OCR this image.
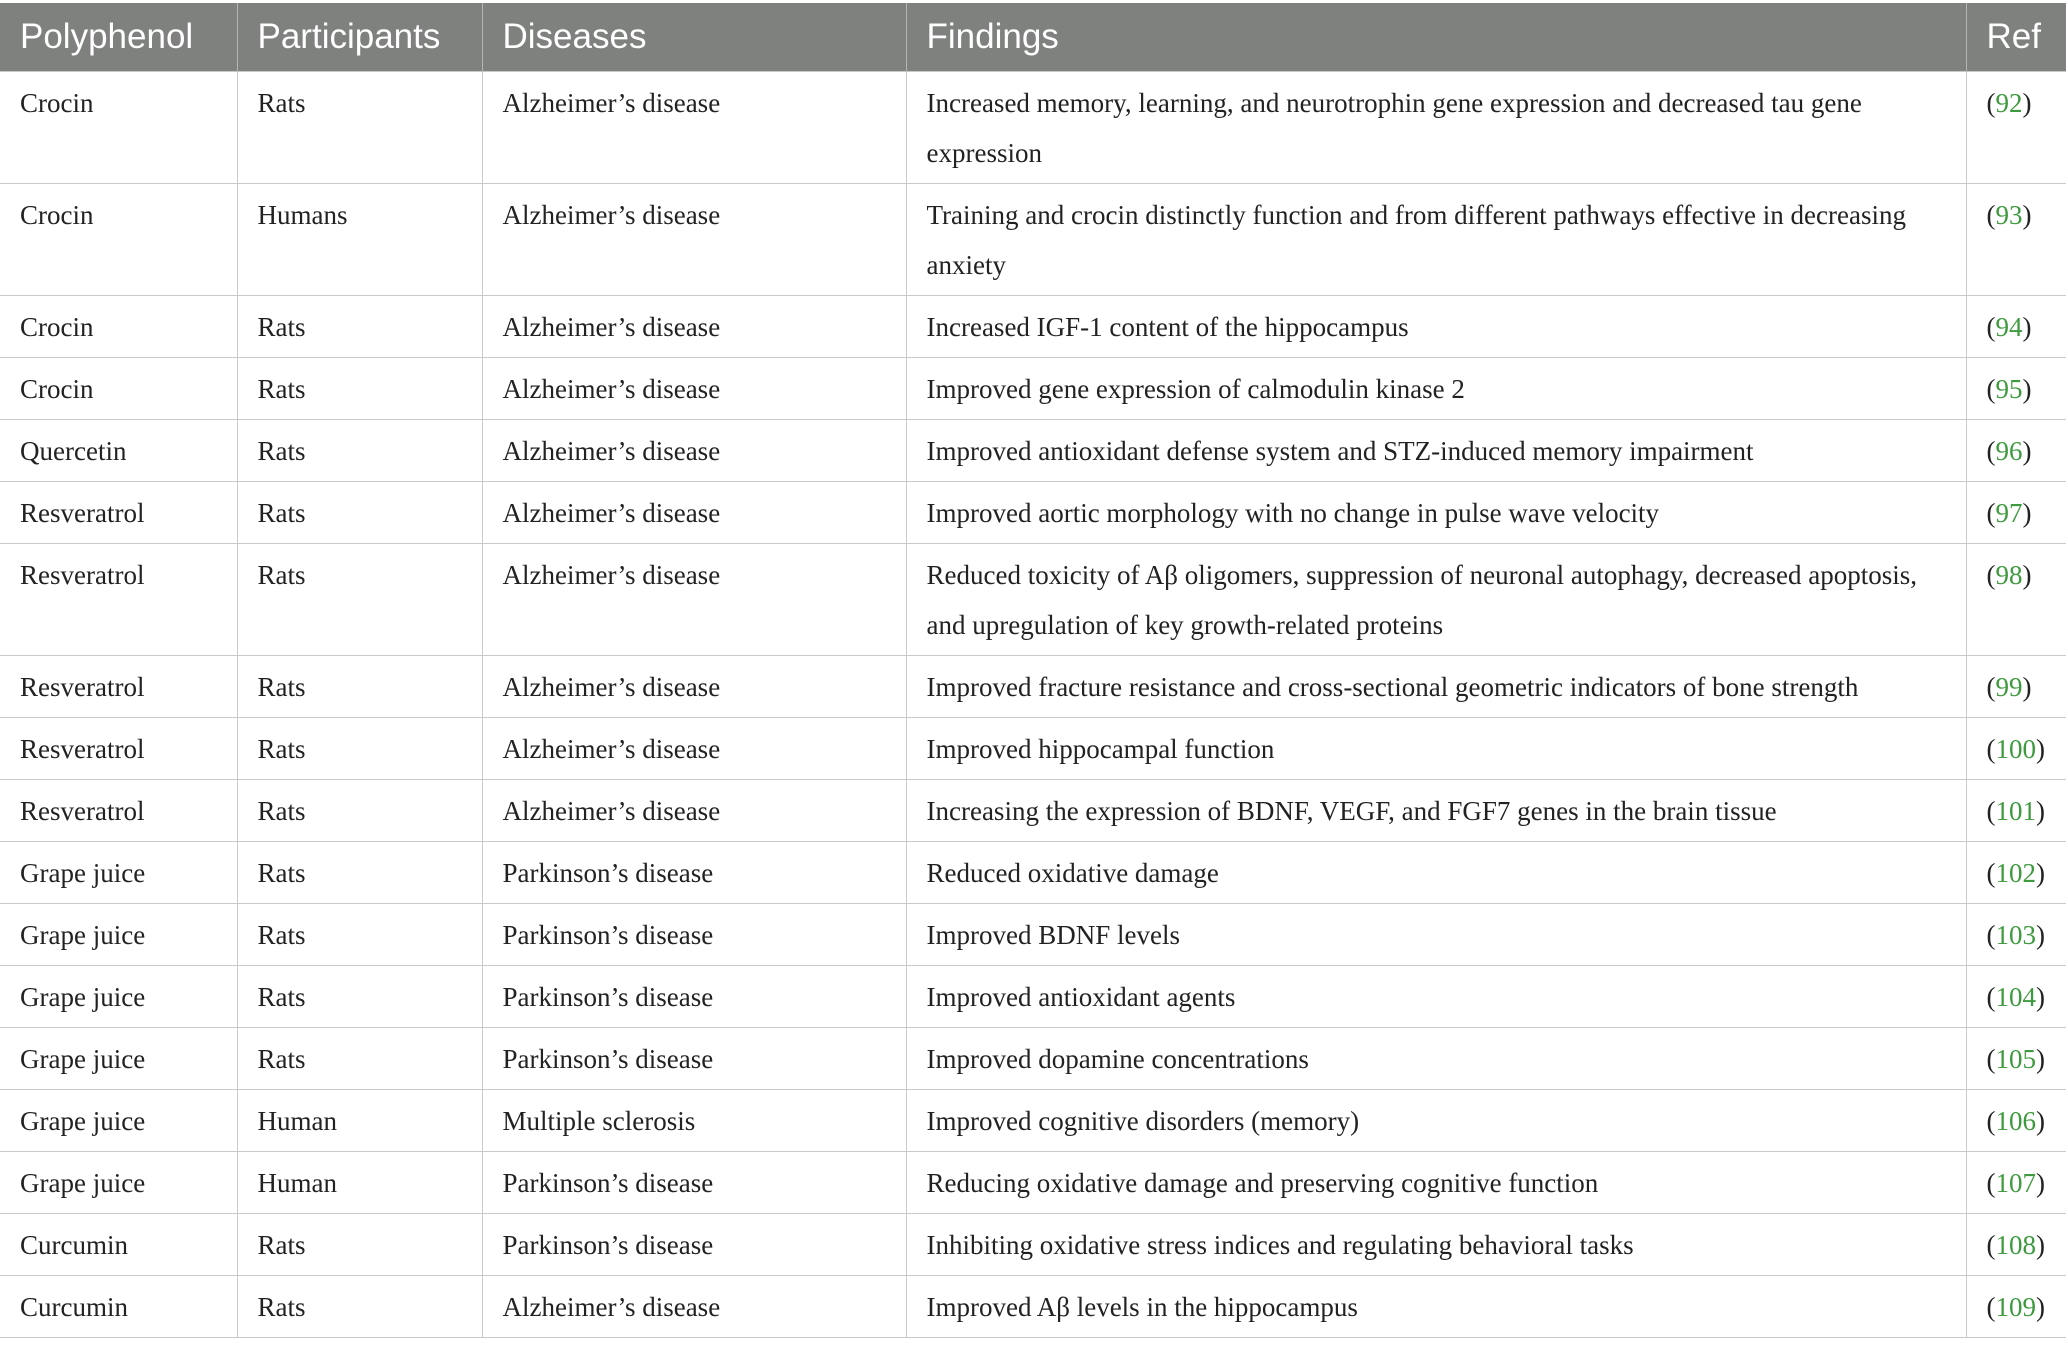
Polyphenol	Participants	Diseases	Findings	Ref
Crocin	Rats	Alzheimer’s disease	Increased memory, learning, and neurotrophin gene expression and decreased tau gene expression	(92)
Crocin	Humans	Alzheimer’s disease	Training and crocin distinctly function and from different pathways effective in decreasing anxiety	(93)
Crocin	Rats	Alzheimer’s disease	Increased IGF-1 content of the hippocampus	(94)
Crocin	Rats	Alzheimer’s disease	Improved gene expression of calmodulin kinase 2	(95)
Quercetin	Rats	Alzheimer’s disease	Improved antioxidant defense system and STZ-induced memory impairment	(96)
Resveratrol	Rats	Alzheimer’s disease	Improved aortic morphology with no change in pulse wave velocity	(97)
Resveratrol	Rats	Alzheimer’s disease	Reduced toxicity of Aβ oligomers, suppression of neuronal autophagy, decreased apoptosis, and upregulation of key growth-related proteins	(98)
Resveratrol	Rats	Alzheimer’s disease	Improved fracture resistance and cross-sectional geometric indicators of bone strength	(99)
Resveratrol	Rats	Alzheimer’s disease	Improved hippocampal function	(100)
Resveratrol	Rats	Alzheimer’s disease	Increasing the expression of BDNF, VEGF, and FGF7 genes in the brain tissue	(101)
Grape juice	Rats	Parkinson’s disease	Reduced oxidative damage	(102)
Grape juice	Rats	Parkinson’s disease	Improved BDNF levels	(103)
Grape juice	Rats	Parkinson’s disease	Improved antioxidant agents	(104)
Grape juice	Rats	Parkinson’s disease	Improved dopamine concentrations	(105)
Grape juice	Human	Multiple sclerosis	Improved cognitive disorders (memory)	(106)
Grape juice	Human	Parkinson’s disease	Reducing oxidative damage and preserving cognitive function	(107)
Curcumin	Rats	Parkinson’s disease	Inhibiting oxidative stress indices and regulating behavioral tasks	(108)
Curcumin	Rats	Alzheimer’s disease	Improved Aβ levels in the hippocampus	(109)
